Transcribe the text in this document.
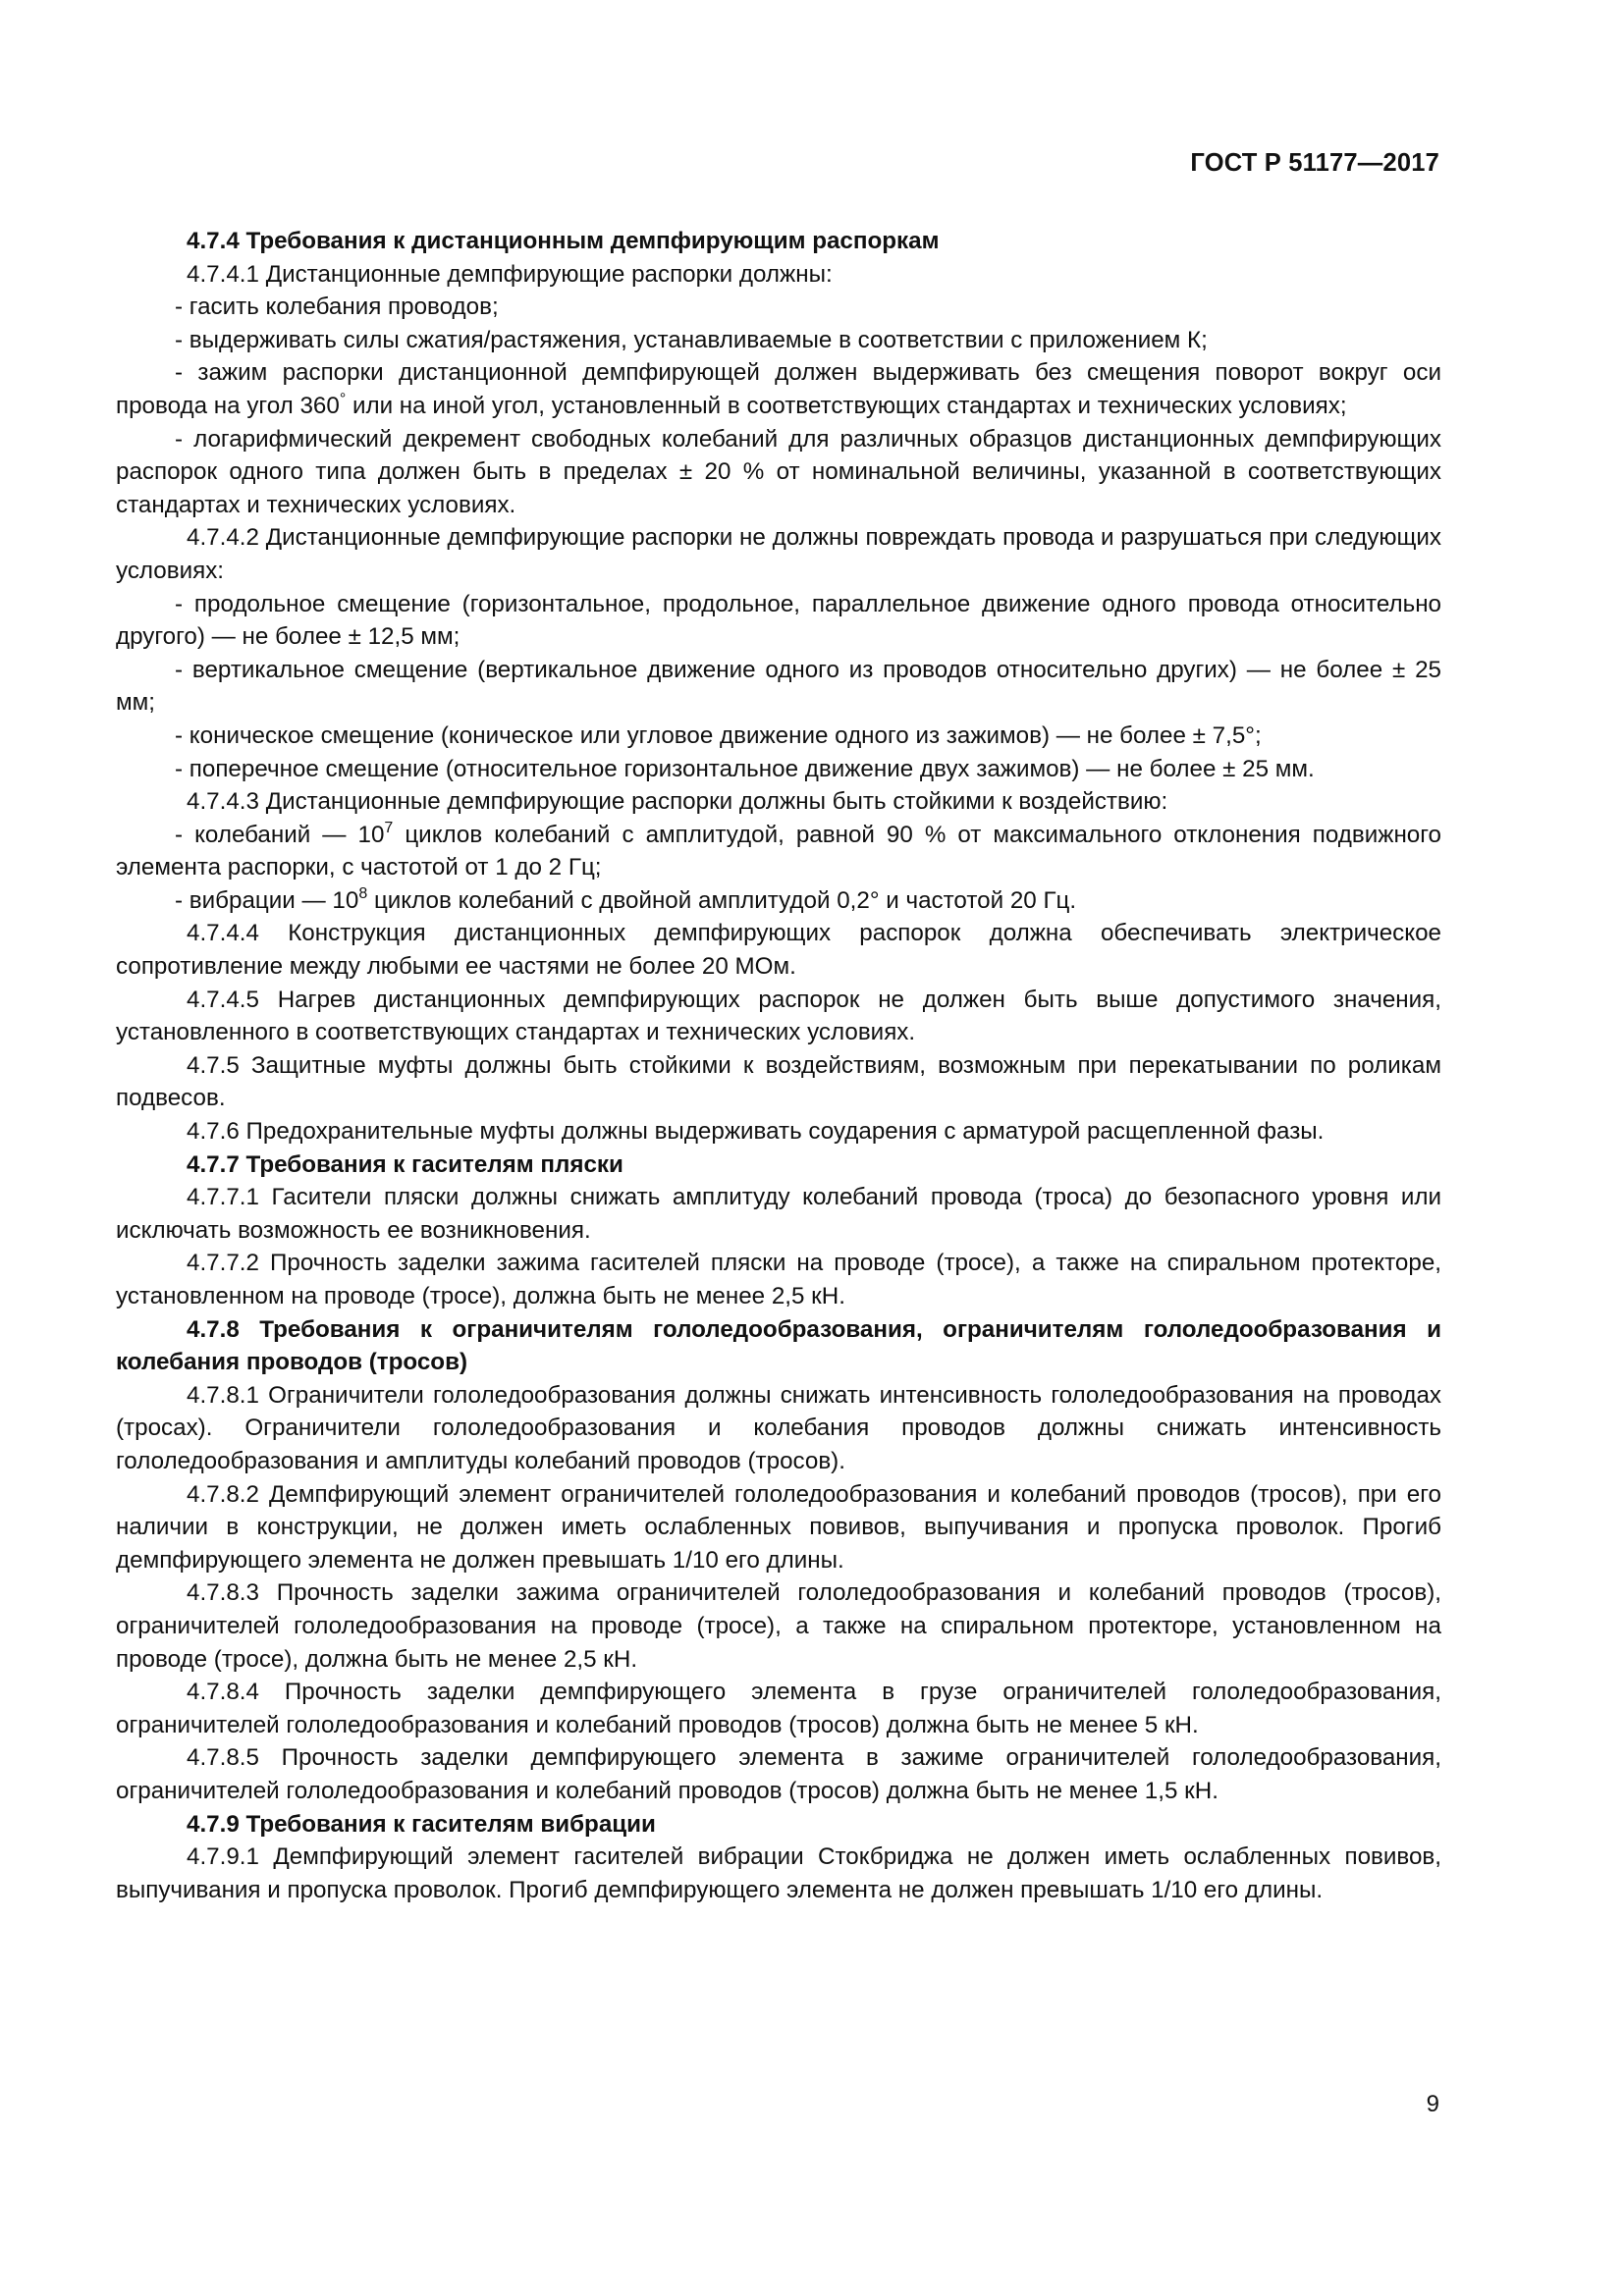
ГОСТ Р 51177—2017

4.7.4 Требования к дистанционным демпфирующим распоркам

4.7.4.1 Дистанционные демпфирующие распорки должны:

- гасить колебания проводов;

- выдерживать силы сжатия/растяжения, устанавливаемые в соответствии с приложением К;

- зажим распорки дистанционной демпфирующей должен выдерживать без смещения поворот вокруг оси провода на угол 360° или на иной угол, установленный в соответствующих стандартах и технических условиях;

- логарифмический декремент свободных колебаний для различных образцов дистанционных демпфирующих распорок одного типа должен быть в пределах ± 20 % от номинальной величины, указанной в соответствующих стандартах и технических условиях.

4.7.4.2 Дистанционные демпфирующие распорки не должны повреждать провода и разрушаться при следующих условиях:

- продольное смещение (горизонтальное, продольное, параллельное движение одного провода относительно другого) — не более ± 12,5 мм;

- вертикальное смещение (вертикальное движение одного из проводов относительно других) — не более ± 25 мм;

- коническое смещение (коническое или угловое движение одного из зажимов) — не более ± 7,5°;

- поперечное смещение (относительное горизонтальное движение двух зажимов) — не более ± 25 мм.

4.7.4.3 Дистанционные демпфирующие распорки должны быть стойкими к воздействию:

- колебаний — $10^7$ циклов колебаний с амплитудой, равной 90 % от максимального отклонения подвижного элемента распорки, с частотой от 1 до 2 Гц;

- вибрации — $10^8$ циклов колебаний с двойной амплитудой 0,2° и частотой 20 Гц.

4.7.4.4 Конструкция дистанционных демпфирующих распорок должна обеспечивать электрическое сопротивление между любыми ее частями не более 20 МОм.

4.7.4.5 Нагрев дистанционных демпфирующих распорок не должен быть выше допустимого значения, установленного в соответствующих стандартах и технических условиях.

4.7.5 Защитные муфты должны быть стойкими к воздействиям, возможным при перекатывании по роликам подвесов.

4.7.6 Предохранительные муфты должны выдерживать соударения с арматурой расщепленной фазы.

4.7.7 Требования к гасителям пляски

4.7.7.1 Гасители пляски должны снижать амплитуду колебаний провода (троса) до безопасного уровня или исключать возможность ее возникновения.

4.7.7.2 Прочность заделки зажима гасителей пляски на проводе (тросе), а также на спиральном протекторе, установленном на проводе (тросе), должна быть не менее 2,5 кН.

4.7.8 Требования к ограничителям гололедообразования, ограничителям гололедообразования и колебания проводов (тросов)

4.7.8.1 Ограничители гололедообразования должны снижать интенсивность гололедообразования на проводах (тросах). Ограничители гололедообразования и колебания проводов должны снижать интенсивность гололедообразования и амплитуды колебаний проводов (тросов).

4.7.8.2 Демпфирующий элемент ограничителей гололедообразования и колебаний проводов (тросов), при его наличии в конструкции, не должен иметь ослабленных повивов, выпучивания и пропуска проволок. Прогиб демпфирующего элемента не должен превышать 1/10 его длины.

4.7.8.3 Прочность заделки зажима ограничителей гололедообразования и колебаний проводов (тросов), ограничителей гололедообразования на проводе (тросе), а также на спиральном протекторе, установленном на проводе (тросе), должна быть не менее 2,5 кН.

4.7.8.4 Прочность заделки демпфирующего элемента в грузе ограничителей гололедообразования, ограничителей гололедообразования и колебаний проводов (тросов) должна быть не менее 5 кН.

4.7.8.5 Прочность заделки демпфирующего элемента в зажиме ограничителей гололедообразования, ограничителей гололедообразования и колебаний проводов (тросов) должна быть не менее 1,5 кН.

4.7.9 Требования к гасителям вибрации

4.7.9.1 Демпфирующий элемент гасителей вибрации Стокбриджа не должен иметь ослабленных повивов, выпучивания и пропуска проволок. Прогиб демпфирующего элемента не должен превышать 1/10 его длины.

9
